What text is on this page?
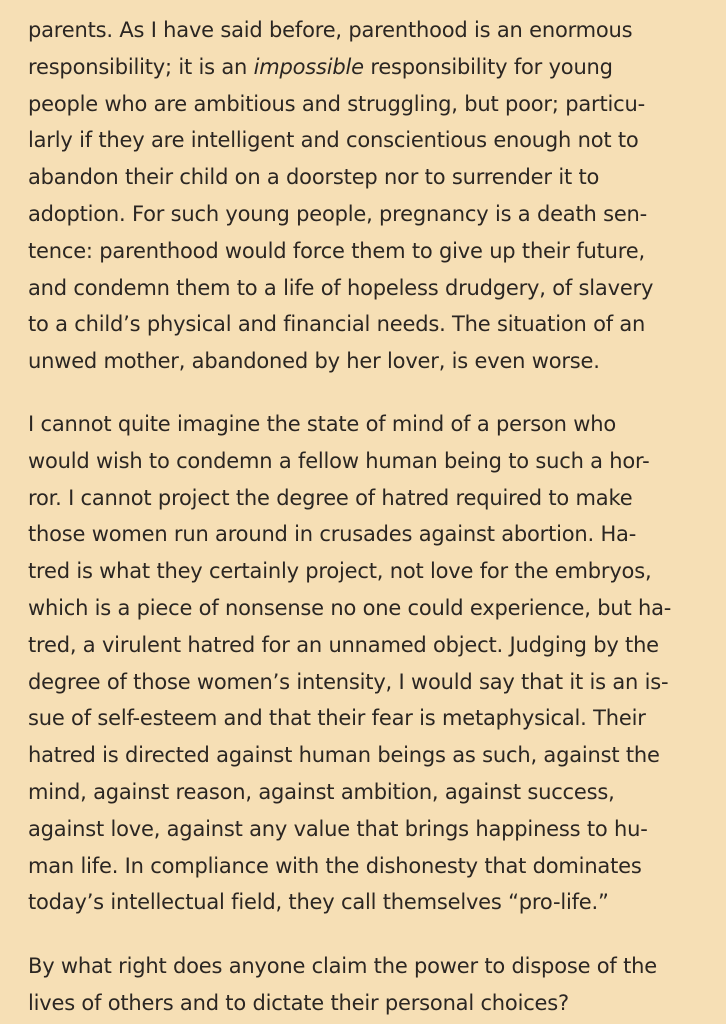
parents. As I have said before, parenthood is an enormous
responsibility; it is an impossible responsibility for young
people who are ambitious and struggling, but poor; particu-
larly if they are intelligent and conscientious enough not to
abandon their child on a doorstep nor to surrender it to
adoption. For such young people, pregnancy is a death sen-
tence: parenthood would force them to give up their future,
and condemn them to a life of hopeless drudgery, of slavery
to a child’s physical and financial needs. The situation of an
unwed mother, abandoned by her lover, is even worse.
I cannot quite imagine the state of mind of a person who
would wish to condemn a fellow human being to such a hor-
ror. I cannot project the degree of hatred required to make
those women run around in crusades against abortion. Ha-
tred is what they certainly project, not love for the embryos,
which is a piece of nonsense no one could experience, but ha-
tred, a virulent hatred for an unnamed object. Judging by the
degree of those women’s intensity, I would say that it is an is-
sue of self-esteem and that their fear is metaphysical. Their
hatred is directed against human beings as such, against the
mind, against reason, against ambition, against success,
against love, against any value that brings happiness to hu-
man life. In compliance with the dishonesty that dominates
today’s intellectual field, they call themselves “pro-life.”
By what right does anyone claim the power to dispose of the
lives of others and to dictate their personal choices?
